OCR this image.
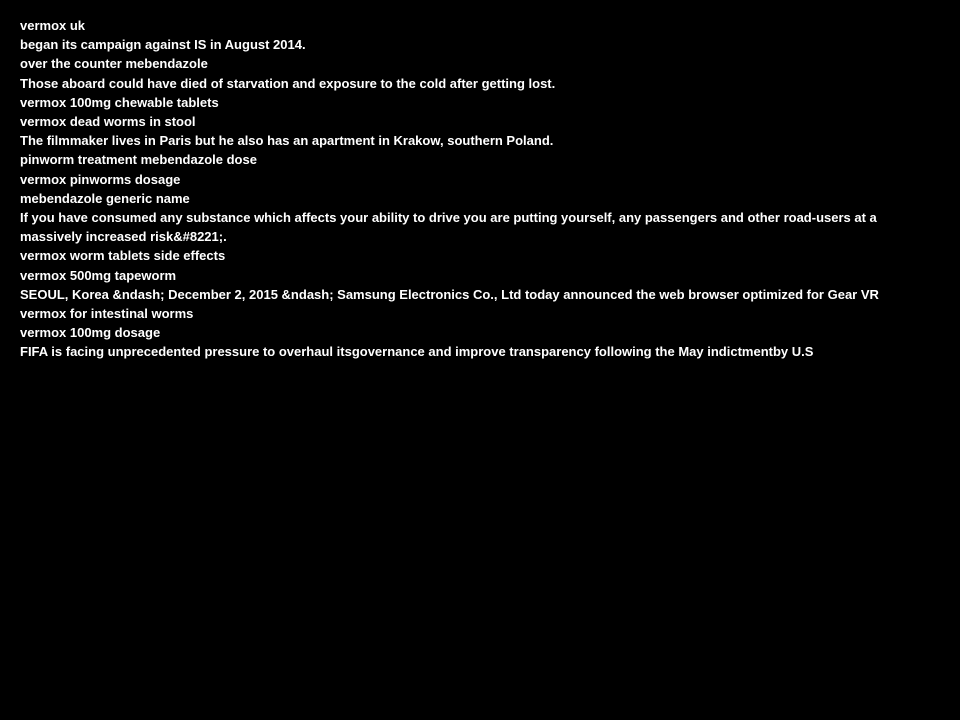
vermox uk
began its campaign against IS in August 2014.
over the counter mebendazole
Those aboard could have died of starvation and exposure to the cold after getting lost.
vermox 100mg chewable tablets
vermox dead worms in stool
The filmmaker lives in Paris but he also has an apartment in Krakow, southern Poland.
pinworm treatment mebendazole dose
vermox pinworms dosage
mebendazole generic name
If you have consumed any substance which affects your ability to drive you are putting yourself, any passengers and other road-users at a massively increased risk&#8221;.
vermox worm tablets side effects
vermox 500mg tapeworm
SEOUL, Korea &ndash; December 2, 2015 &ndash; Samsung Electronics Co., Ltd today announced the web browser optimized for Gear VR
vermox for intestinal worms
vermox 100mg dosage
FIFA is facing unprecedented pressure to overhaul itsgovernance and improve transparency following the May indictmentby U.S
